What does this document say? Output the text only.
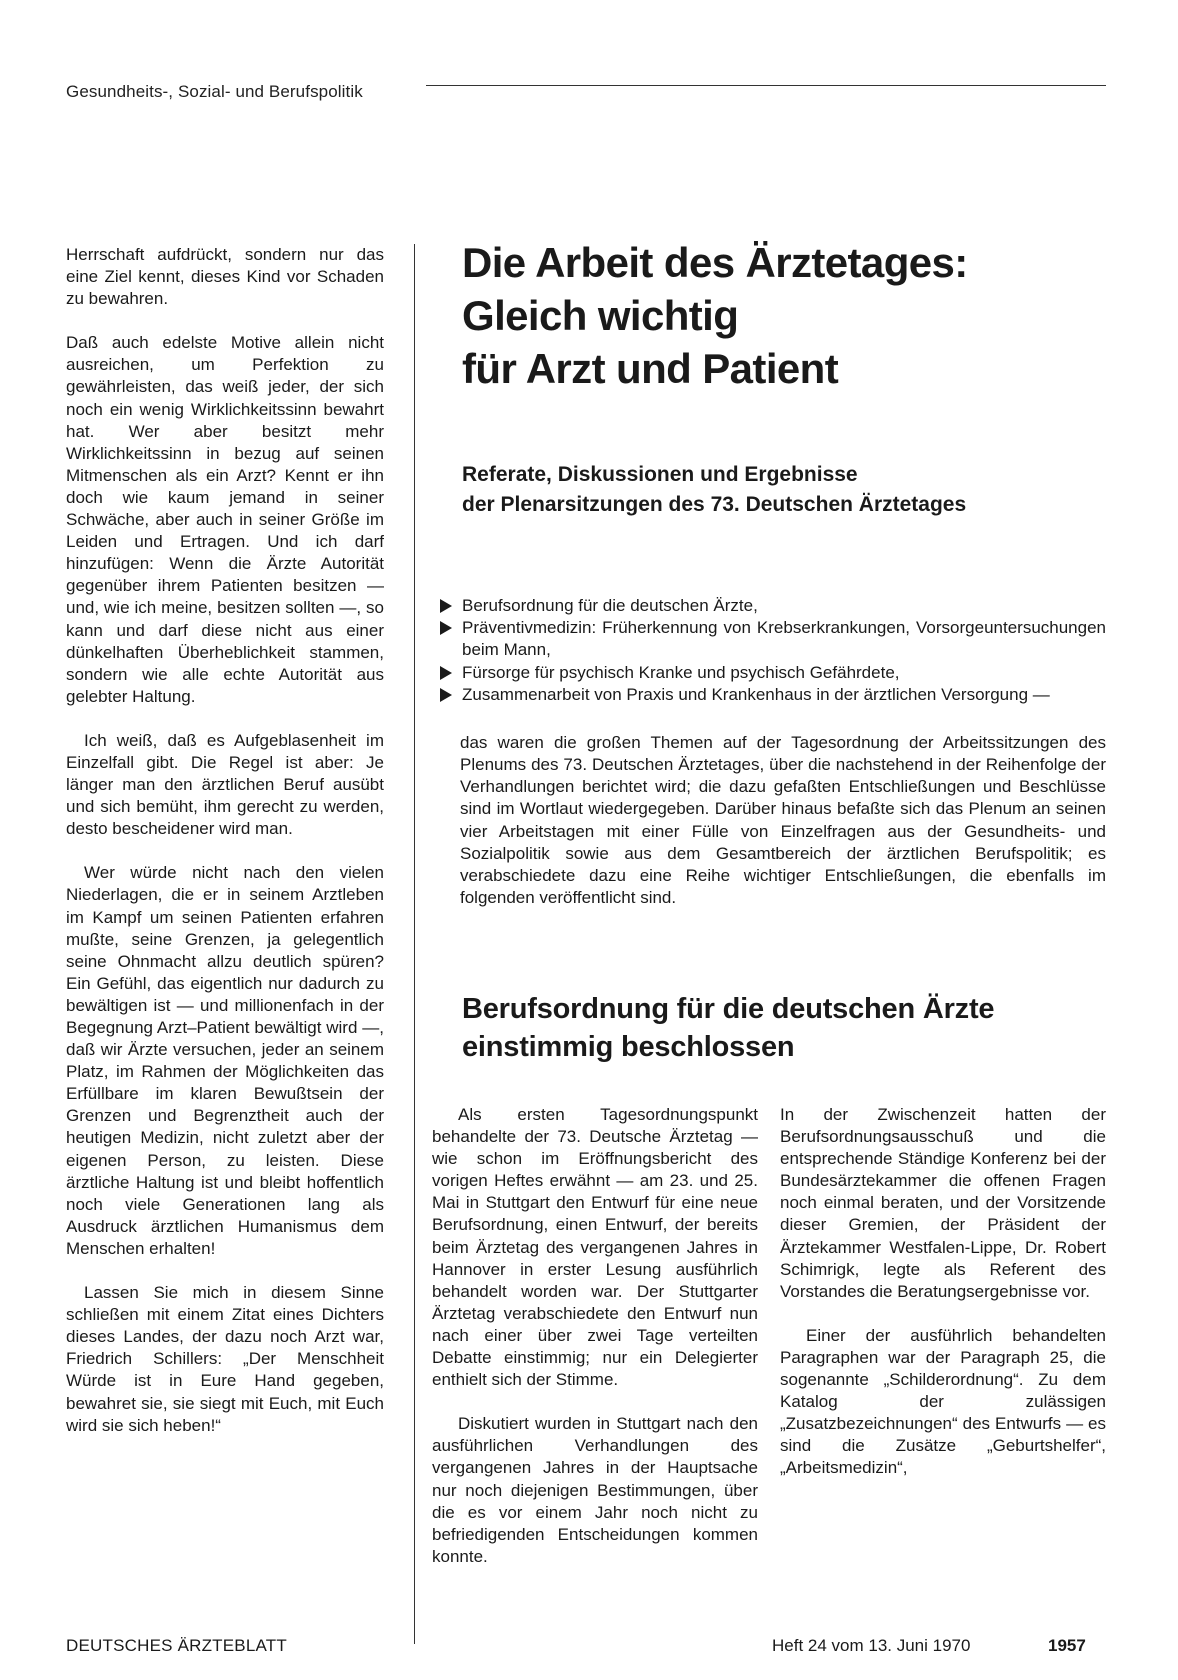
Gesundheits-, Sozial- und Berufspolitik

Herrschaft aufdrückt, sondern nur das eine Ziel kennt, dieses Kind vor Schaden zu bewahren.

Daß auch edelste Motive allein nicht ausreichen, um Perfektion zu gewährleisten, das weiß jeder, der sich noch ein wenig Wirklichkeitssinn bewahrt hat. Wer aber besitzt mehr Wirklichkeitssinn in bezug auf seinen Mitmenschen als ein Arzt? Kennt er ihn doch wie kaum jemand in seiner Schwäche, aber auch in seiner Größe im Leiden und Ertragen. Und ich darf hinzufügen: Wenn die Ärzte Autorität gegenüber ihrem Patienten besitzen — und, wie ich meine, besitzen sollten —, so kann und darf diese nicht aus einer dünkelhaften Überheblichkeit stammen, sondern wie alle echte Autorität aus gelebter Haltung.

Ich weiß, daß es Aufgeblasenheit im Einzelfall gibt. Die Regel ist aber: Je länger man den ärztlichen Beruf ausübt und sich bemüht, ihm gerecht zu werden, desto bescheidener wird man.

Wer würde nicht nach den vielen Niederlagen, die er in seinem Arztleben im Kampf um seinen Patienten erfahren mußte, seine Grenzen, ja gelegentlich seine Ohnmacht allzu deutlich spüren? Ein Gefühl, das eigentlich nur dadurch zu bewältigen ist — und millionenfach in der Begegnung Arzt–Patient bewältigt wird —, daß wir Ärzte versuchen, jeder an seinem Platz, im Rahmen der Möglichkeiten das Erfüllbare im klaren Bewußtsein der Grenzen und Begrenztheit auch der heutigen Medizin, nicht zuletzt aber der eigenen Person, zu leisten. Diese ärztliche Haltung ist und bleibt hoffentlich noch viele Generationen lang als Ausdruck ärztlichen Humanismus dem Menschen erhalten!

Lassen Sie mich in diesem Sinne schließen mit einem Zitat eines Dichters dieses Landes, der dazu noch Arzt war, Friedrich Schillers: „Der Menschheit Würde ist in Eure Hand gegeben, bewahret sie, sie siegt mit Euch, mit Euch wird sie sich heben!“

Die Arbeit des Ärztetages:
Gleich wichtig
für Arzt und Patient
Referate, Diskussionen und Ergebnisse
der Plenarsitzungen des 73. Deutschen Ärztetages
Berufsordnung für die deutschen Ärzte,
Präventivmedizin: Früherkennung von Krebserkrankungen, Vorsorgeuntersuchungen beim Mann,
Fürsorge für psychisch Kranke und psychisch Gefährdete,
Zusammenarbeit von Praxis und Krankenhaus in der ärztlichen Versorgung —

das waren die großen Themen auf der Tagesordnung der Arbeitssitzungen des Plenums des 73. Deutschen Ärztetages, über die nachstehend in der Reihenfolge der Verhandlungen berichtet wird; die dazu gefaßten Entschließungen und Beschlüsse sind im Wortlaut wiedergegeben. Darüber hinaus befaßte sich das Plenum an seinen vier Arbeitstagen mit einer Fülle von Einzelfragen aus der Gesundheits- und Sozialpolitik sowie aus dem Gesamtbereich der ärztlichen Berufspolitik; es verabschiedete dazu eine Reihe wichtiger Entschließungen, die ebenfalls im folgenden veröffentlicht sind.

Berufsordnung für die deutschen Ärzte
einstimmig beschlossen

Als ersten Tagesordnungspunkt behandelte der 73. Deutsche Ärztetag — wie schon im Eröffnungsbericht des vorigen Heftes erwähnt — am 23. und 25. Mai in Stuttgart den Entwurf für eine neue Berufsordnung, einen Entwurf, der bereits beim Ärztetag des vergangenen Jahres in Hannover in erster Lesung ausführlich behandelt worden war. Der Stuttgarter Ärztetag verabschiedete den Entwurf nun nach einer über zwei Tage verteilten Debatte einstimmig; nur ein Delegierter enthielt sich der Stimme.

Diskutiert wurden in Stuttgart nach den ausführlichen Verhandlungen des vergangenen Jahres in der Hauptsache nur noch diejenigen Bestimmungen, über die es vor einem Jahr noch nicht zu befriedigenden Entscheidungen kommen konnte.

In der Zwischenzeit hatten der Berufsordnungsausschuß und die entsprechende Ständige Konferenz bei der Bundesärztekammer die offenen Fragen noch einmal beraten, und der Vorsitzende dieser Gremien, der Präsident der Ärztekammer Westfalen-Lippe, Dr. Robert Schimrigk, legte als Referent des Vorstandes die Beratungsergebnisse vor.

Einer der ausführlich behandelten Paragraphen war der Paragraph 25, die sogenannte „Schilderordnung“. Zu dem Katalog der zulässigen „Zusatzbezeichnungen“ des Entwurfs — es sind die Zusätze „Geburtshelfer“, „Arbeitsmedizin“,

DEUTSCHES ÄRZTEBLATT	Heft 24 vom 13. Juni 1970	1957
